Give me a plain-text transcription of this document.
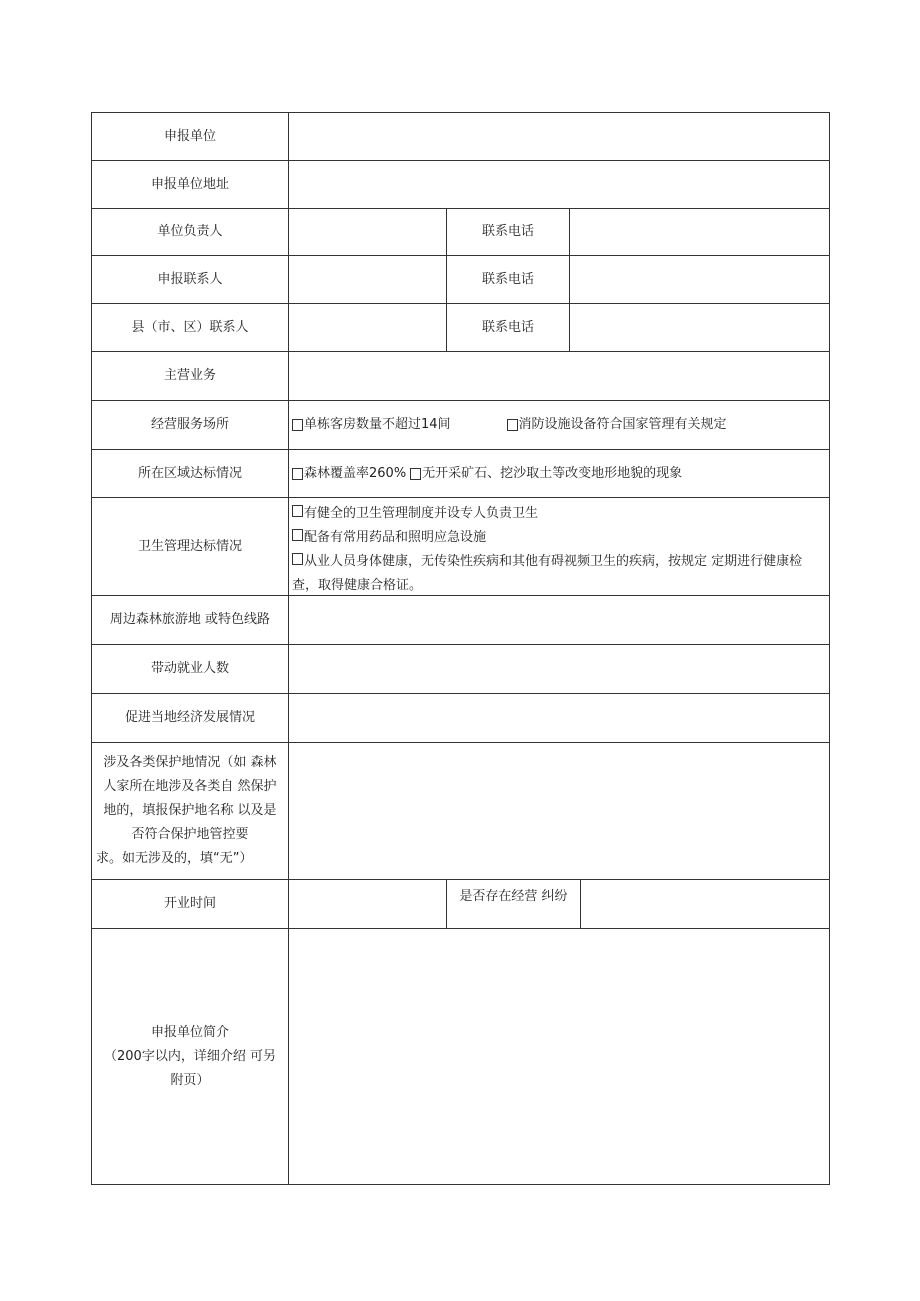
申报单位
申报单位地址
单位负责人	联系电话
申报联系人	联系电话
县（市、区）联系人	联系电话
主营业务
经营服务场所	单栋客房数量不超过14间	消防设施设备符合国家管理有关规定
所在区域达标情况	森林覆盖率260% 无开采矿石、挖沙取土等改变地形地貌的现象
卫生管理达标情况
有健全的卫生管理制度并设专人负责卫生
配备有常用药品和照明应急设施
从业人员身体健康，无传染性疾病和其他有碍视频卫生的疾病，按规定 定期进行健康检查，取得健康合格证。
周边森林旅游地 或特色线路
带动就业人数
促进当地经济发展情况
涉及各类保护地情况（如 森林
人家所在地涉及各类自 然保护
地的，填报保护地名称 以及是
否符合保护地管控要
求。如无涉及的，填“无”）
开业时间	是否存在经营 纠纷
申报单位简介
（200字以内，详细介绍 可另
附页）
